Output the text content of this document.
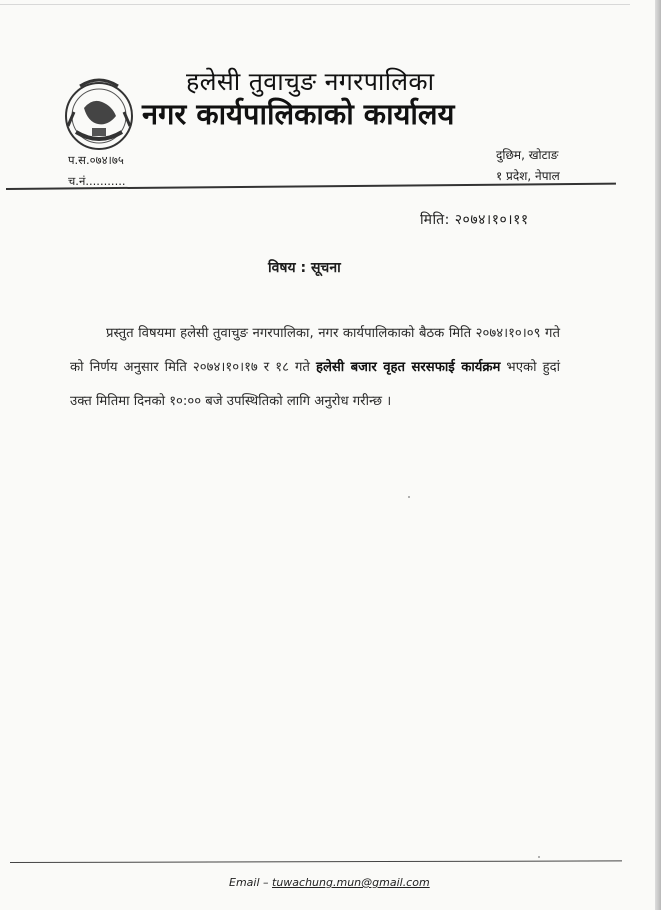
हलेसी तुवाचुङ नगरपालिका
नगर कार्यपालिकाको कार्यालय
प.स.०७४।७५
च.नं...........
दुछिम, खोटाङ
१ प्रदेश, नेपाल
मिति: २०७४।१०।११
विषय : सूचना
प्रस्तुत विषयमा हलेसी तुवाचुङ नगरपालिका, नगर कार्यपालिकाको बैठक मिति २०७४।१०।०९ गते को निर्णय अनुसार मिति २०७४।१०।१७ र १८ गते हलेसी बजार वृहत सरसफाई कार्यक्रम भएको हुदां उक्त मितिमा दिनको १०:०० बजे उपस्थितिको लागि अनुरोध गरीन्छ ।
Email – tuwachung.mun@gmail.com
